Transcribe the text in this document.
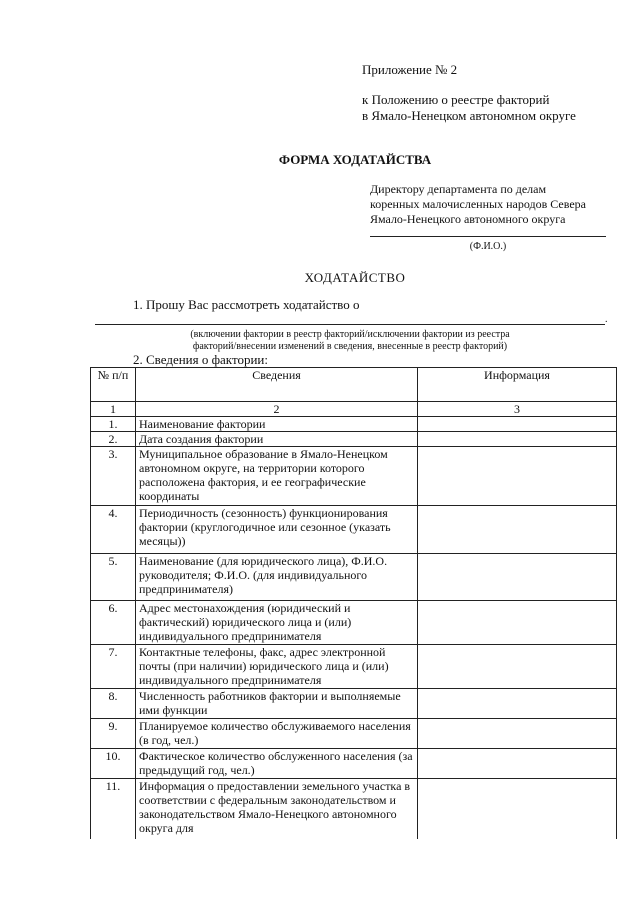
Приложение № 2
к Положению о реестре факторий
в Ямало-Ненецком автономном округе
ФОРМА ХОДАТАЙСТВА
Директору департамента по делам
коренных малочисленных народов Севера
Ямало-Ненецкого автономного округа
(Ф.И.О.)
ХОДАТАЙСТВО
1. Прошу Вас рассмотреть ходатайство о
.
(включении фактории в реестр факторий/исключении фактории из реестра
факторий/внесении изменений в сведения, внесенные в реестр факторий)
2. Сведения о фактории:
№ п/п	Сведения	Информация
1	2	3
1.	Наименование фактории	
2.	Дата создания фактории	
3.	Муниципальное образование в Ямало-Ненецком автономном округе, на территории которого расположена фактория, и ее географические координаты	
4.	Периодичность (сезонность) функционирования фактории (круглогодичное или сезонное (указать месяцы))	
5.	Наименование (для юридического лица), Ф.И.О. руководителя; Ф.И.О. (для индивидуального предпринимателя)	
6.	Адрес местонахождения (юридический и фактический) юридического лица и (или) индивидуального предпринимателя	
7.	Контактные телефоны, факс, адрес электронной почты (при наличии) юридического лица и (или) индивидуального предпринимателя	
8.	Численность работников фактории и выполняемые ими функции	
9.	Планируемое количество обслуживаемого населения (в год, чел.)	
10.	Фактическое количество обслуженного населения (за предыдущий год, чел.)	
11.	Информация о предоставлении земельного участка в соответствии с федеральным законодательством и законодательством Ямало-Ненецкого автономного округа для	
